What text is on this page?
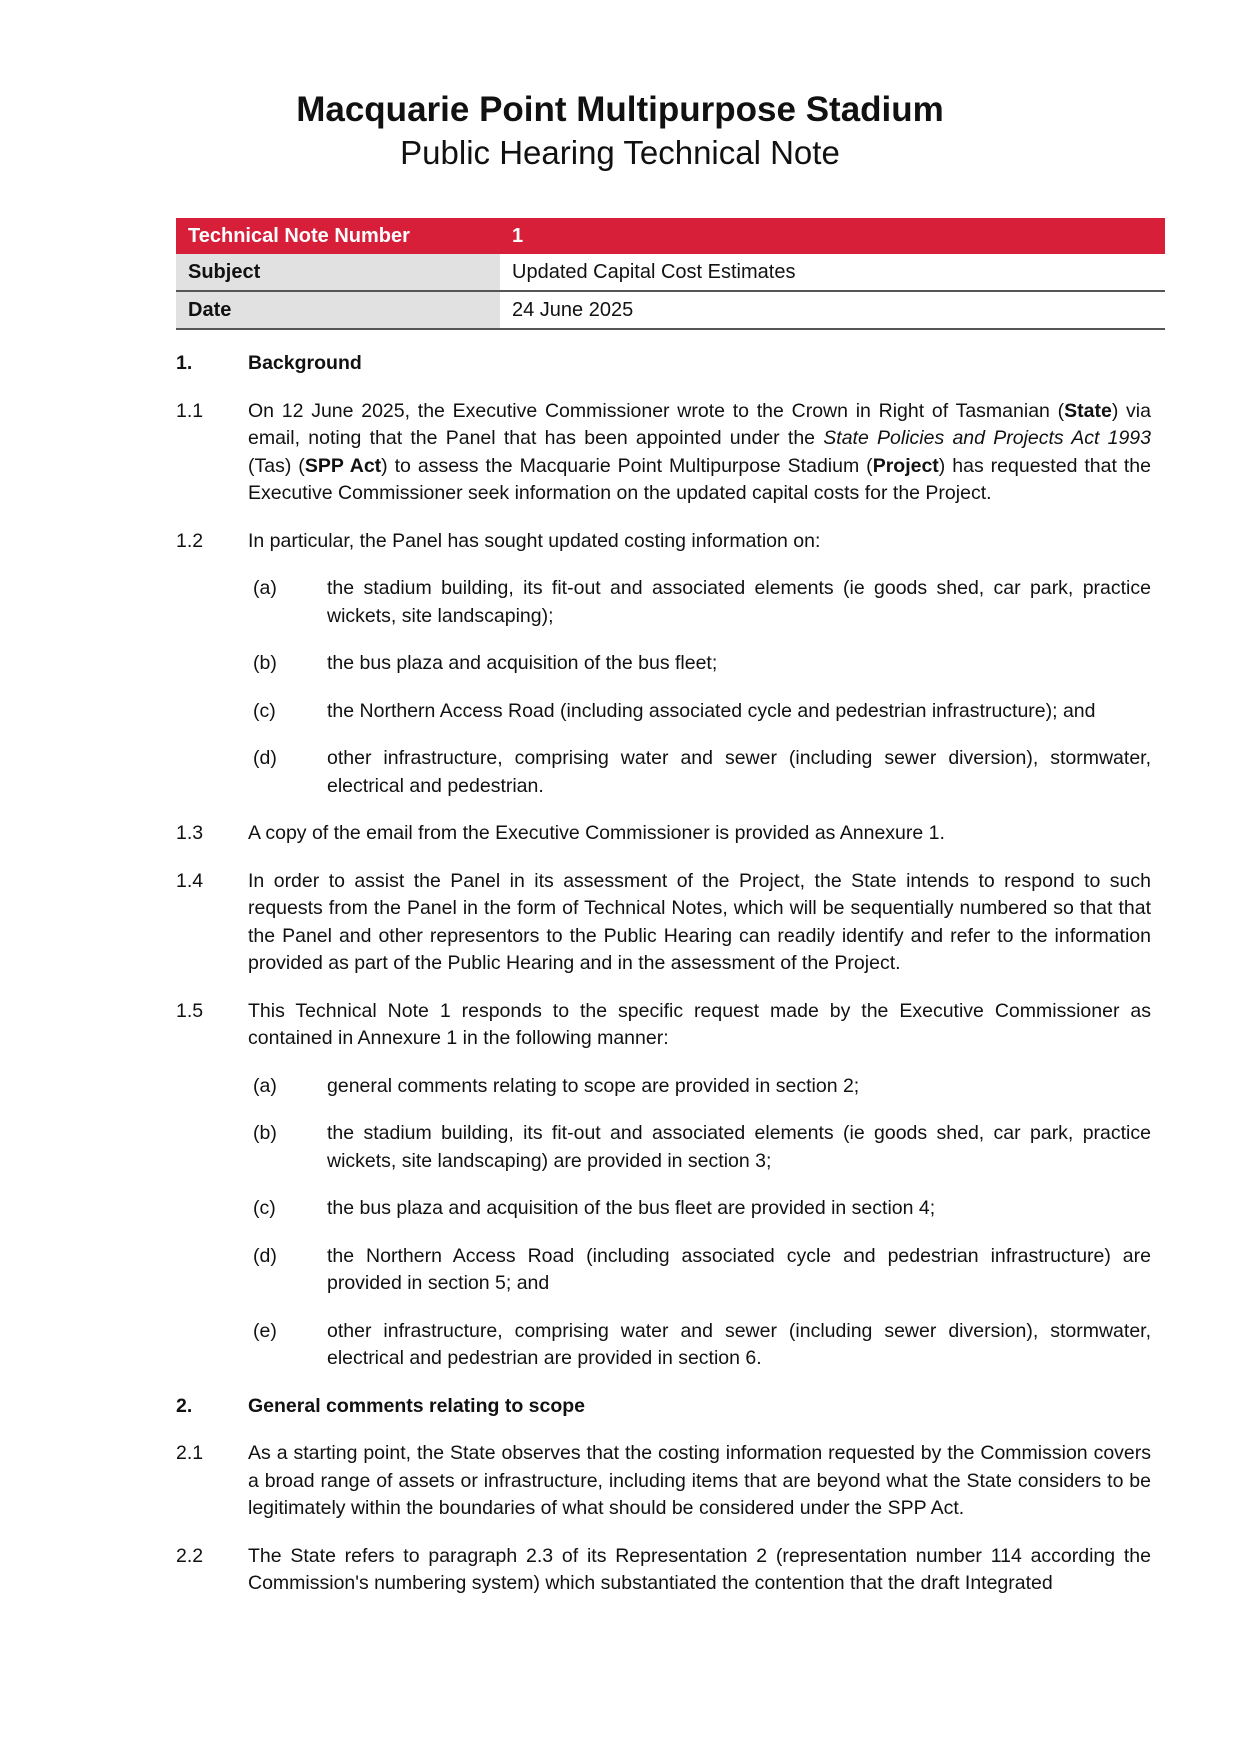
Macquarie Point Multipurpose Stadium
Public Hearing Technical Note
Technical Note Number	1
Subject	Updated Capital Cost Estimates
Date	24 June 2025
1.	Background
1.1	On 12 June 2025, the Executive Commissioner wrote to the Crown in Right of Tasmanian (State) via email, noting that the Panel that has been appointed under the State Policies and Projects Act 1993 (Tas) (SPP Act) to assess the Macquarie Point Multipurpose Stadium (Project) has requested that the Executive Commissioner seek information on the updated capital costs for the Project.
1.2	In particular, the Panel has sought updated costing information on:
(a)	the stadium building, its fit-out and associated elements (ie goods shed, car park, practice wickets, site landscaping);
(b)	the bus plaza and acquisition of the bus fleet;
(c)	the Northern Access Road (including associated cycle and pedestrian infrastructure); and
(d)	other infrastructure, comprising water and sewer (including sewer diversion), stormwater, electrical and pedestrian.
1.3	A copy of the email from the Executive Commissioner is provided as Annexure 1.
1.4	In order to assist the Panel in its assessment of the Project, the State intends to respond to such requests from the Panel in the form of Technical Notes, which will be sequentially numbered so that that the Panel and other representors to the Public Hearing can readily identify and refer to the information provided as part of the Public Hearing and in the assessment of the Project.
1.5	This Technical Note 1 responds to the specific request made by the Executive Commissioner as contained in Annexure 1 in the following manner:
(a)	general comments relating to scope are provided in section 2;
(b)	the stadium building, its fit-out and associated elements (ie goods shed, car park, practice wickets, site landscaping) are provided in section 3;
(c)	the bus plaza and acquisition of the bus fleet are provided in section 4;
(d)	the Northern Access Road (including associated cycle and pedestrian infrastructure) are provided in section 5; and
(e)	other infrastructure, comprising water and sewer (including sewer diversion), stormwater, electrical and pedestrian are provided in section 6.
2.	General comments relating to scope
2.1	As a starting point, the State observes that the costing information requested by the Commission covers a broad range of assets or infrastructure, including items that are beyond what the State considers to be legitimately within the boundaries of what should be considered under the SPP Act.
2.2	The State refers to paragraph 2.3 of its Representation 2 (representation number 114 according the Commission's numbering system) which substantiated the contention that the draft Integrated
